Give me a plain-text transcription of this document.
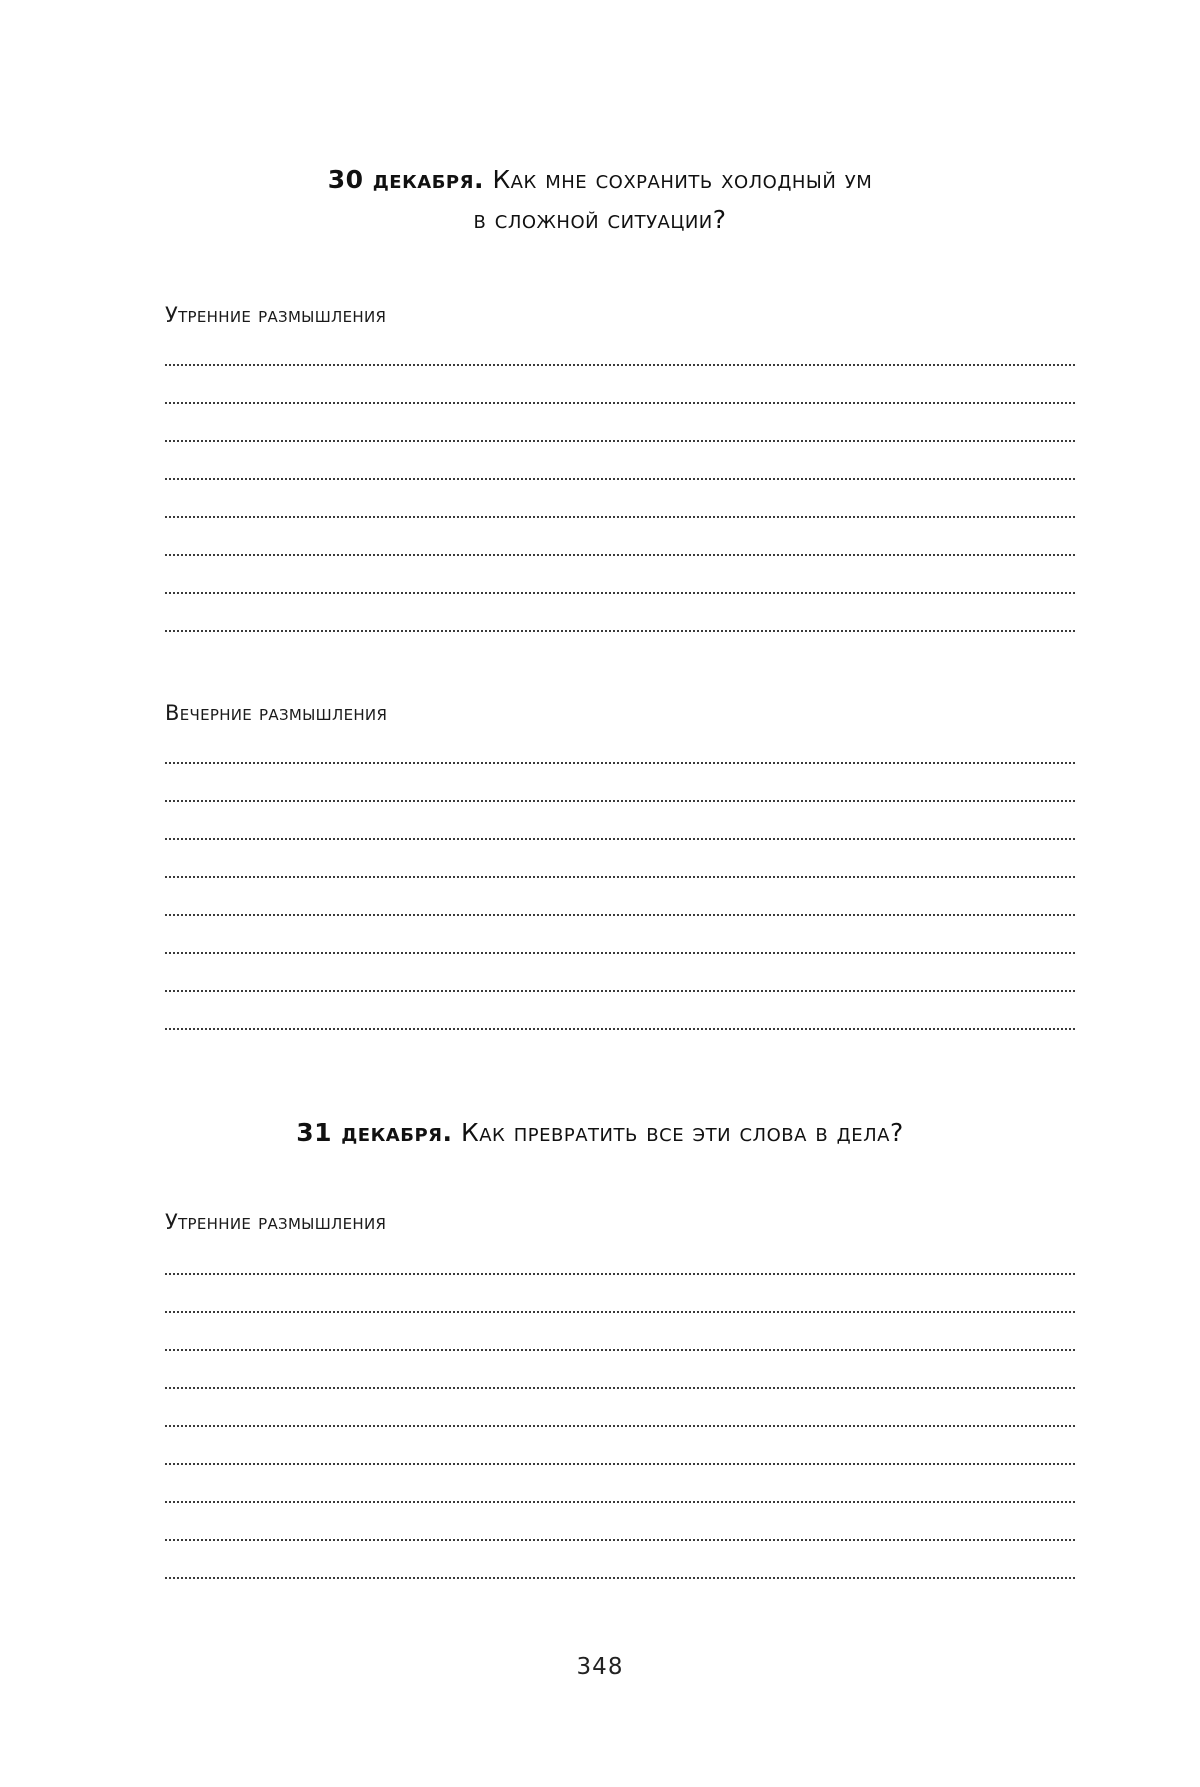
30 декабря. Как мне сохранить холодный ум
в сложной ситуации?
Утренние размышления
Вечерние размышления
31 декабря. Как превратить все эти слова в дела?
Утренние размышления
348
